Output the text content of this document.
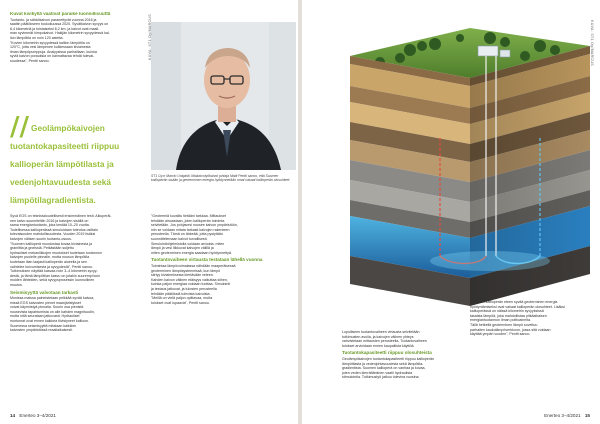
Kuvat kivikyllä vaativat paraike luonnillisuuttä
Tuotanto- ja sähkökaivon paranettyvät vuonna 2016 ja
saatiin päätökseen toukokuussa 2020. Syvätkaivon syvyys on
6,4 kilometriä ja toistaiseksi 6,2 km, ja kaivot ovat maail-
man syvimmät kimpukaivot. Hakijän kilometrin syvyydessä kal-
lion lämpötila on noin 120 astetta.
"Kovien kilometrin syvyydessä kallion lämpötila on
120°C, jotta vesi lämpenee kulkiessaan kiviainesta
ilman lämpöpumppuja. Analyysissa parhaillaan, kuinka
syviä kaivon porauksia on kannattavaa tehdä tulevai-
suudessa", Pentti sanoo.
// Geolämpökaivojen tuotantokapasiteetti riippuu kallioperän lämpötilasta ja vedenjohtavuudesta sekä lämpötilagradientista.
KUVA: ST1 Oy/MARCUS
ST1 Oy:n Marcio Uniqaldi Uttakaivotyökaivot johtaja Matti Pentti sanoo, että Suomen kallioperän sisään ja geoterminen energia hyödynnetään omat vakaat kallioperän olosuhteet.
Syvä EGS on teknistaloudellisesti ensimmäinen testi. Alkuperäi-
nen kaivo suunniteltiin 2016 ja kaivojen sisällä on
sama energiantuotanto, joka kestää 10–20 vuotta.
Todellisessa kallioperässä simuloidaan toteutus osittain
tulevaisuuden mahdollisuudesta. Vuoden 2019 lisäksi
kaivojen välisen suurin tuotanto-osuus.
"Suomen kallioperä muodostaa kovaa kiviainesta ja
graniittia ja gneissiä. Pelkästään suljettu
hydrauliset mekaniikkojen muutokset tuotetaan tuotannon
kaivojen puolelle pinnalle, mutta nousun lämpötila
tuotetaan liian laajasti kallioperän alueella ja sen
vaihtelee kuivumisesta ja syvyydestä", Pentti sanoo.
Tutkimuksen näyttää kasvaa noin 3–4 kilometrin syvyy-
destä, ja tämä lämpötilan kasvu on jotakin suurempi kuin
muiden lähteiden, sekä syvyysprosessin luonnollinen
muutos.
Seismisyyttä valvotaan tarkasti
Monissa maissa paineistetaan pelkkää syvää kaivoa,
missä EGS kaivosten pienet maanjäristykset
voivat käynnistyä pinnalla. Suurin osa pienistä
nousevista tapahtumista on alle kahden magnituudin,
mutta niitä seurataan jatkuvasti. Hydrauliset
murtumat ovat ennen kaikkea tiivistyneet kallioon.
Suomessa seismisyyttä mitataan kaikkien
kaivosten ympäristössä reaaliaikaisesti.
"Geotermiä kuvailtu tietääni tarkkaa. Mittaukset
tehdään ainoastaan, joten kallioperän toiminta
selvitetään. Jos pohjavesi nousee kaivon ympäristöön,
niin se voidaan mitata tarkasti kaivojen rakenteen
perusteella. Tämä on tärkeää, jotta pystytään
suunnittelemaan kaivot turvallisesti.
Simulointiohjelmistolla voidaan arvioida, miten
lämpö ja vesi liikkuvat kaivojen välillä ja
miten geoterminen energia saadaan hyödynnettyä.
Tuotantovaiheen virtausta testataan lähellä vuonna
Toimintaa lämpövoimalassa nähdään maaperäisessä
geoterminen lämpösysteemissä, kun lämpö
siirtyy kiviaineksesta kiertävään veteen.
Kahden kaivon välinen etäisyys vaikuttaa siihen,
kuinka paljon energiaa voidaan tuottaa. Simulointi
ja testaus jatkuvat, ja tulosten perusteella
tehdään päätöksiä tulevista kaivoista.
"Meillä on vielä paljon opittavaa, mutta
tulokset ovat lupaavia", Pentti sanoo.
14 Enerteo 3–4/2021
KUVA: ST1 Oy/MARCUS
Lopulliseen tuotantovaiheen virtausta selvitetään
tutkimusten avulla, ja kaivojen välinen yhteys
vahvistetaan mittausten perusteella. Tuotantovaiheen
tulokset arvioidaan ennen kaupallista käyttöä.
Tuotantokapasiteetti riippuu olosuhteista
Geolämpökaivojen tuotantokapasiteetti riippuu kallioperän
lämpötilasta ja vedenjohtavuudesta sekä lämpötila-
gradientista. Suomen kallioperä on vanhaa ja kovaa,
joten veden kierrättäminen vaatii hydraulista
stimulointia. Tutkimustyö jatkuu tulevina vuosina.
"Suomen kallioperän eteen syvää geoterminen energia
hyödyntämiseksi ovat vakaat kallioperän olosuhteet. Lisäksi
kallioperässä on näissä kilometrin syvyyksissä
tasaista lämpöä, joka mahdollistaa pitkäaikaisen
energiantuotannon ilman polttoaineita.
Tällä hetkellä geoterminen lämpö soveltuu
parhaiten kaukolämpöverkkoon, jossa sitä voidaan
käyttää ympäri vuoden", Pentti sanoo.
Enerteo 3–4/2021 15
